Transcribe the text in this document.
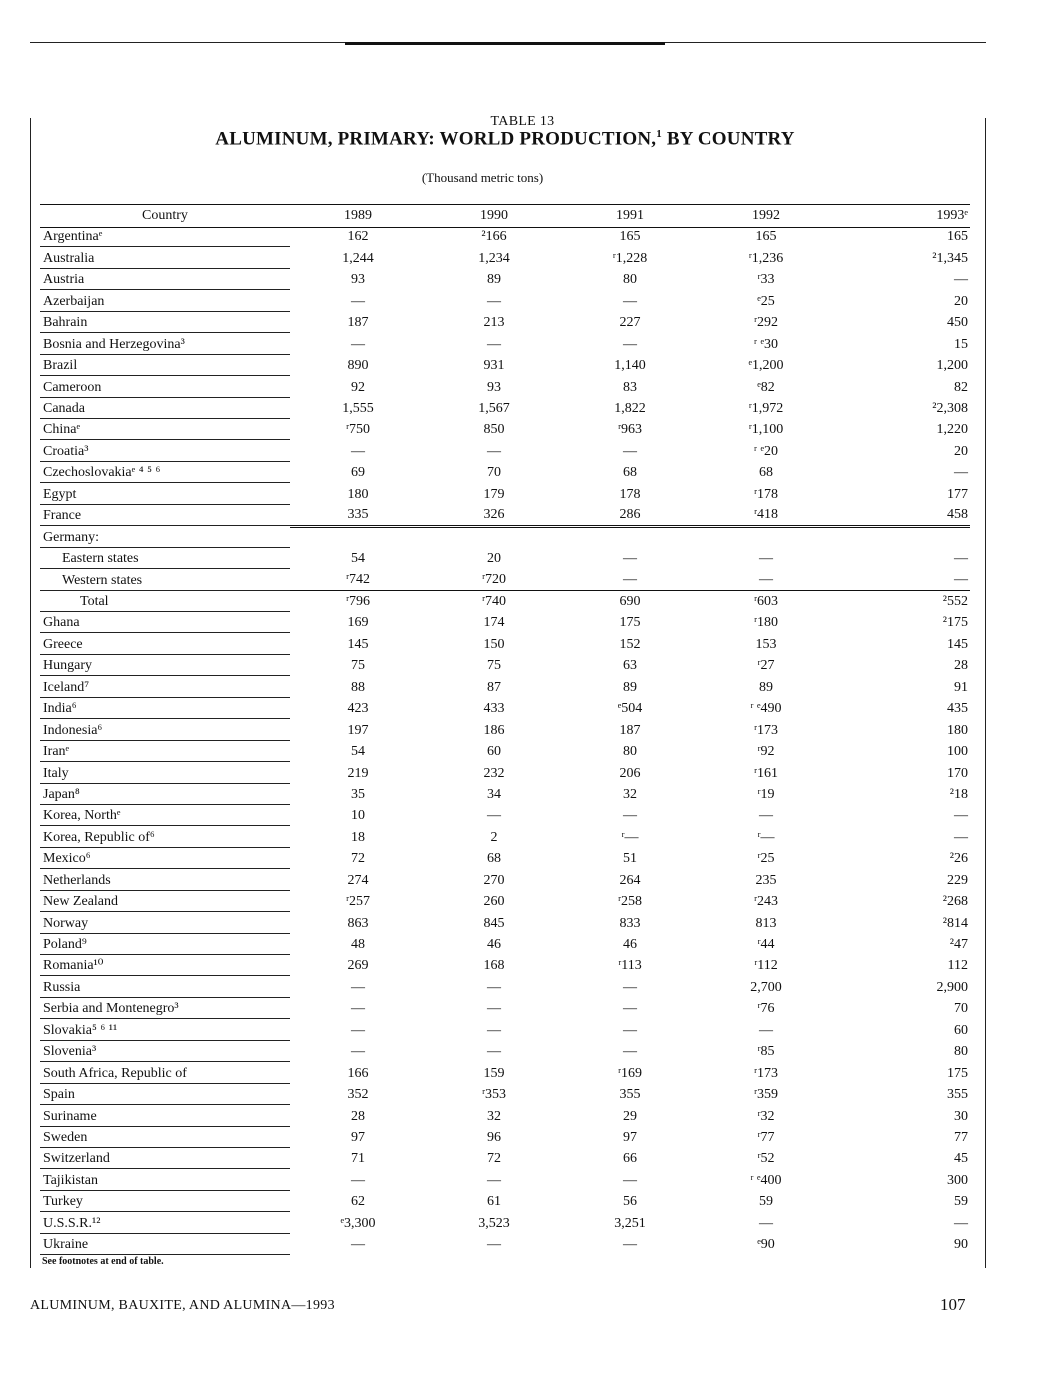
TABLE 13
ALUMINUM, PRIMARY: WORLD PRODUCTION,$^1$ BY COUNTRY
(Thousand metric tons)
Country	1989	1990	1991	1992	1993ᵉ
Argentinaᵉ	162	²166	165	165	165
Australia	1,244	1,234	ʳ1,228	ʳ1,236	²1,345
Austria	93	89	80	ʳ33	—
Azerbaijan	—	—	—	ᵉ25	20
Bahrain	187	213	227	ʳ292	450
Bosnia and Herzegovina³	—	—	—	ʳ ᵉ30	15
Brazil	890	931	1,140	ᵉ1,200	1,200
Cameroon	92	93	83	ᵉ82	82
Canada	1,555	1,567	1,822	ʳ1,972	²2,308
Chinaᵉ	ʳ750	850	ʳ963	ʳ1,100	1,220
Croatia³	—	—	—	ʳ ᵉ20	20
Czechoslovakiaᵉ ⁴ ⁵ ⁶	69	70	68	68	—
Egypt	180	179	178	ʳ178	177
France	335	326	286	ʳ418	458
Germany:					
Eastern states	54	20	—	—	—
Western states	ʳ742	ʳ720	—	—	—
Total	ʳ796	ʳ740	690	ʳ603	²552
Ghana	169	174	175	ʳ180	²175
Greece	145	150	152	153	145
Hungary	75	75	63	ʳ27	28
Iceland⁷	88	87	89	89	91
India⁶	423	433	ᵉ504	ʳ ᵉ490	435
Indonesia⁶	197	186	187	ʳ173	180
Iranᵉ	54	60	80	ʳ92	100
Italy	219	232	206	ʳ161	170
Japan⁸	35	34	32	ʳ19	²18
Korea, Northᵉ	10	—	—	—	—
Korea, Republic of⁶	18	2	ʳ—	ʳ—	—
Mexico⁶	72	68	51	ʳ25	²26
Netherlands	274	270	264	235	229
New Zealand	ʳ257	260	ʳ258	ʳ243	²268
Norway	863	845	833	813	²814
Poland⁹	48	46	46	ʳ44	²47
Romania¹⁰	269	168	ʳ113	ʳ112	112
Russia	—	—	—	2,700	2,900
Serbia and Montenegro³	—	—	—	ʳ76	70
Slovakia⁵ ⁶ ¹¹	—	—	—	—	60
Slovenia³	—	—	—	ʳ85	80
South Africa, Republic of	166	159	ʳ169	ʳ173	175
Spain	352	ʳ353	355	ʳ359	355
Suriname	28	32	29	ʳ32	30
Sweden	97	96	97	ʳ77	77
Switzerland	71	72	66	ʳ52	45
Tajikistan	—	—	—	ʳ ᵉ400	300
Turkey	62	61	56	59	59
U.S.S.R.¹²	ᵉ3,300	3,523	3,251	—	—
Ukraine	—	—	—	ᵉ90	90
See footnotes at end of table.
ALUMINUM, BAUXITE, AND ALUMINA—1993	107
